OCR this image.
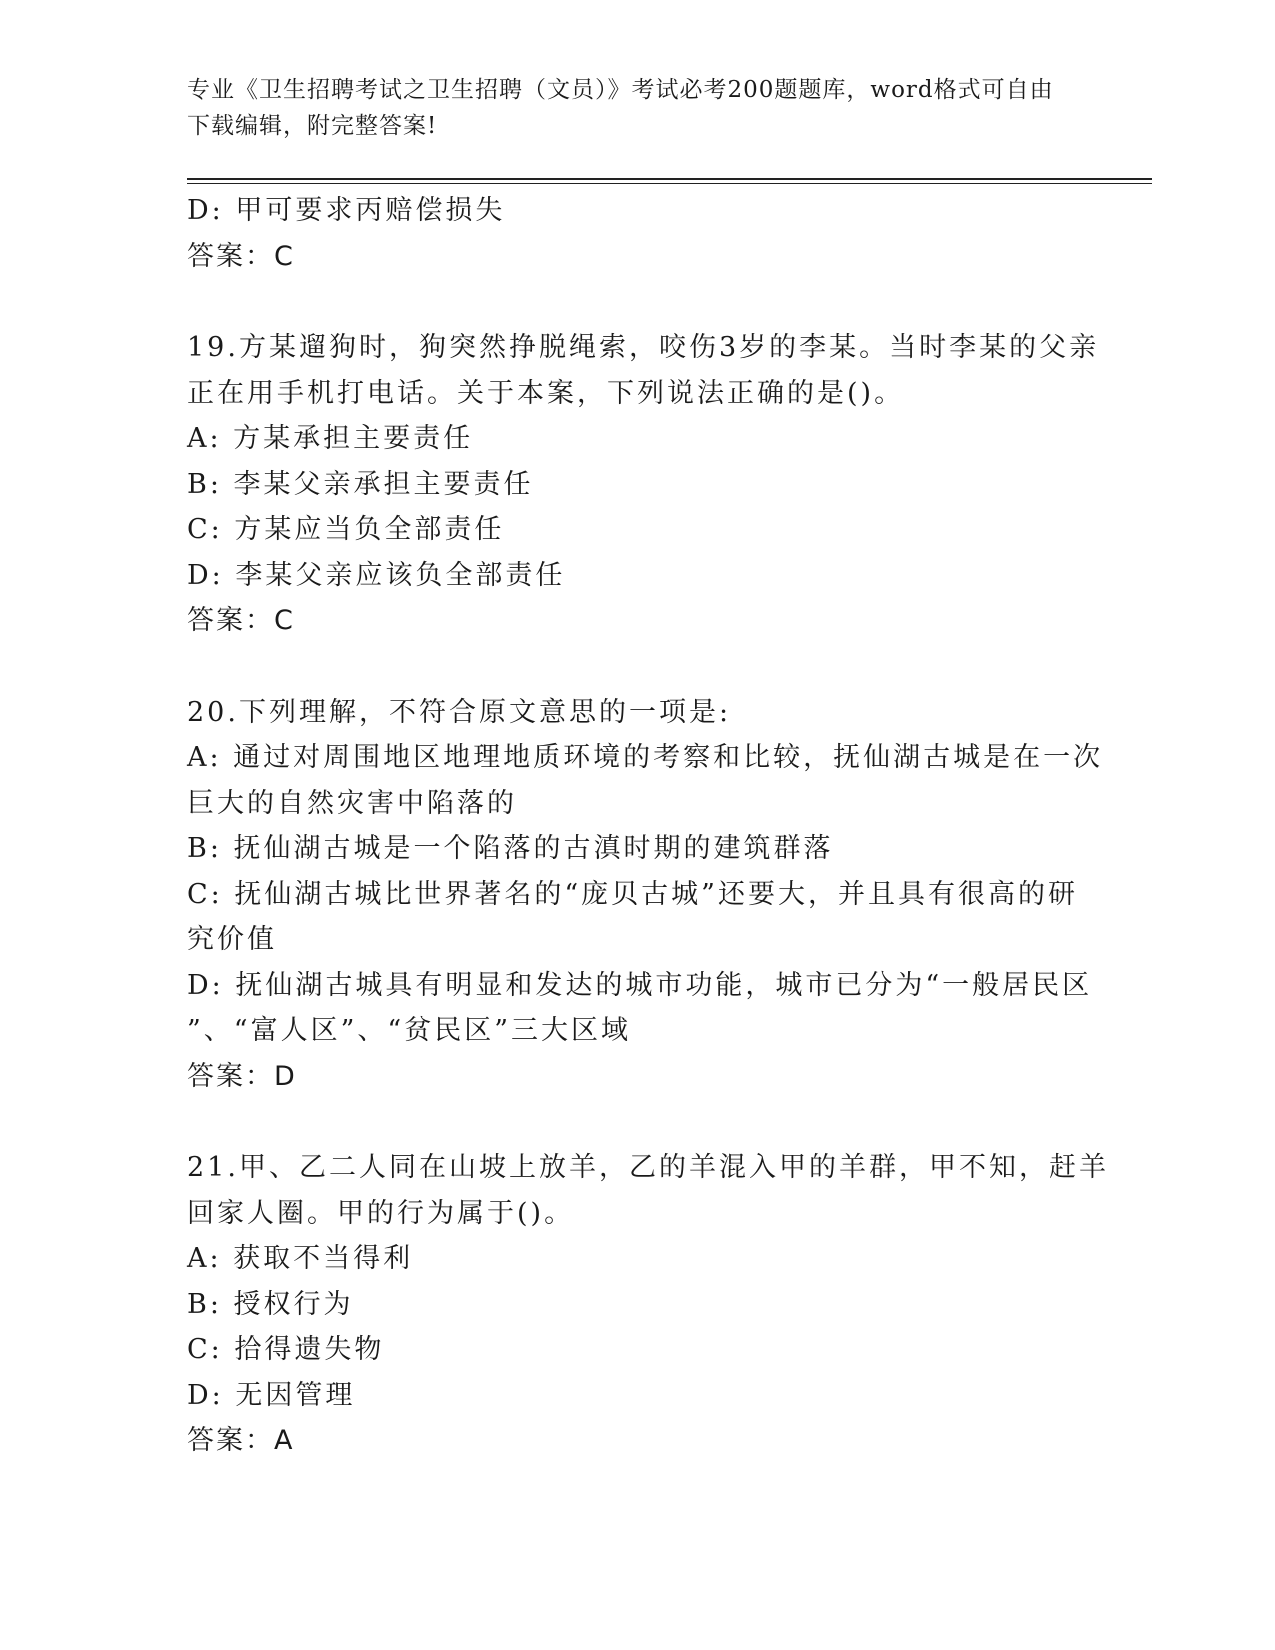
专业《卫生招聘考试之卫生招聘（文员）》考试必考200题题库，word格式可自由下载编辑，附完整答案!
D: 甲可要求丙赔偿损失
答案：C
19.方某遛狗时，狗突然挣脱绳索，咬伤3岁的李某。当时李某的父亲
正在用手机打电话。关于本案，下列说法正确的是()。
A: 方某承担主要责任
B: 李某父亲承担主要责任
C: 方某应当负全部责任
D: 李某父亲应该负全部责任
答案：C
20.下列理解，不符合原文意思的一项是:
A: 通过对周围地区地理地质环境的考察和比较，抚仙湖古城是在一次
巨大的自然灾害中陷落的
B: 抚仙湖古城是一个陷落的古滇时期的建筑群落
C: 抚仙湖古城比世界著名的“庞贝古城”还要大，并且具有很高的研
究价值
D: 抚仙湖古城具有明显和发达的城市功能，城市已分为“一般居民区
”、“富人区”、“贫民区”三大区域
答案：D
21.甲、乙二人同在山坡上放羊，乙的羊混入甲的羊群，甲不知，赶羊
回家人圈。甲的行为属于()。
A: 获取不当得利
B: 授权行为
C: 拾得遗失物
D: 无因管理
答案：A
